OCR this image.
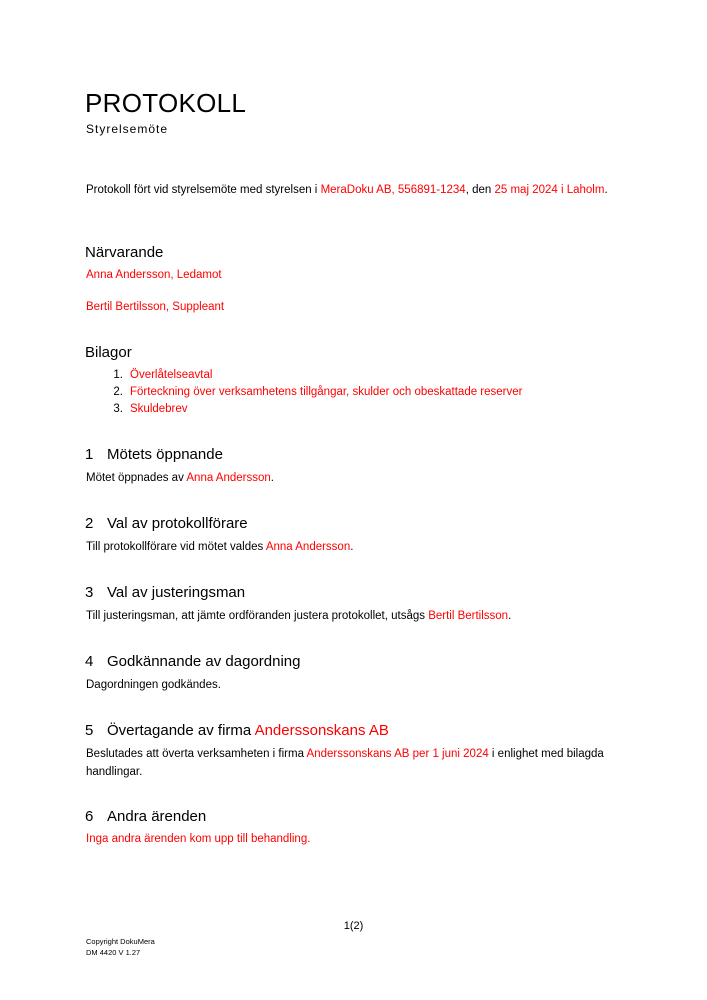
PROTOKOLL
Styrelsemöte
Protokoll fört vid styrelsemöte med styrelsen i MeraDoku AB, 556891-1234, den 25 maj 2024 i Laholm.
Närvarande
Anna Andersson, Ledamot
Bertil Bertilsson, Suppleant
Bilagor
1. Överlåtelseavtal
2. Förteckning över verksamhetens tillgångar, skulder och obeskattade reserver
3. Skuldebrev
1 Mötets öppnande
Mötet öppnades av Anna Andersson.
2 Val av protokollförare
Till protokollförare vid mötet valdes Anna Andersson.
3 Val av justeringsman
Till justeringsman, att jämte ordföranden justera protokollet, utsågs Bertil Bertilsson.
4 Godkännande av dagordning
Dagordningen godkändes.
5 Övertagande av firma Anderssonskans AB
Beslutades att överta verksamheten i firma Anderssonskans AB per 1 juni 2024 i enlighet med bilagda handlingar.
6 Andra ärenden
Inga andra ärenden kom upp till behandling.
1(2)
Copyright DokuMera
DM 4420 V 1.27
